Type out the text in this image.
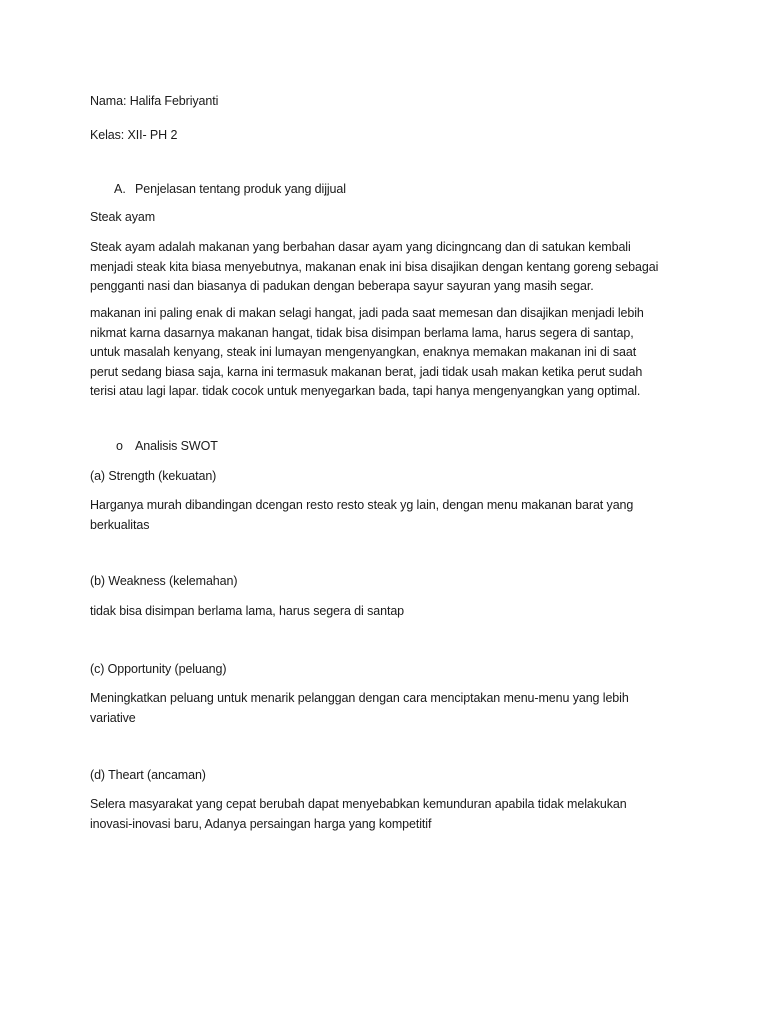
Nama: Halifa Febriyanti
Kelas: XII- PH 2
A. Penjelasan tentang produk yang dijjual
Steak ayam
Steak ayam adalah makanan yang berbahan dasar ayam yang dicingncang dan di satukan kembali
menjadi steak kita biasa menyebutnya, makanan enak ini bisa disajikan dengan kentang goreng sebagai
pengganti nasi dan biasanya di padukan dengan beberapa sayur sayuran yang masih segar.
makanan ini paling enak di makan selagi hangat, jadi pada saat memesan dan disajikan menjadi lebih
nikmat karna dasarnya makanan hangat, tidak bisa disimpan berlama lama, harus segera di santap,
untuk masalah kenyang, steak ini lumayan mengenyangkan, enaknya memakan makanan ini di saat
perut sedang biasa saja, karna ini termasuk makanan berat, jadi tidak usah makan ketika perut sudah
terisi atau lagi lapar. tidak cocok untuk menyegarkan bada, tapi hanya mengenyangkan yang optimal.
o Analisis SWOT
(a) Strength (kekuatan)
Harganya murah dibandingan dcengan resto resto steak yg lain, dengan menu makanan barat yang
berkualitas
(b) Weakness (kelemahan)
tidak bisa disimpan berlama lama, harus segera di santap
(c) Opportunity (peluang)
Meningkatkan peluang untuk menarik pelanggan dengan cara menciptakan menu-menu yang lebih
variative
(d) Theart (ancaman)
Selera masyarakat yang cepat berubah dapat menyebabkan kemunduran apabila tidak melakukan
inovasi-inovasi baru, Adanya persaingan harga yang kompetitif
